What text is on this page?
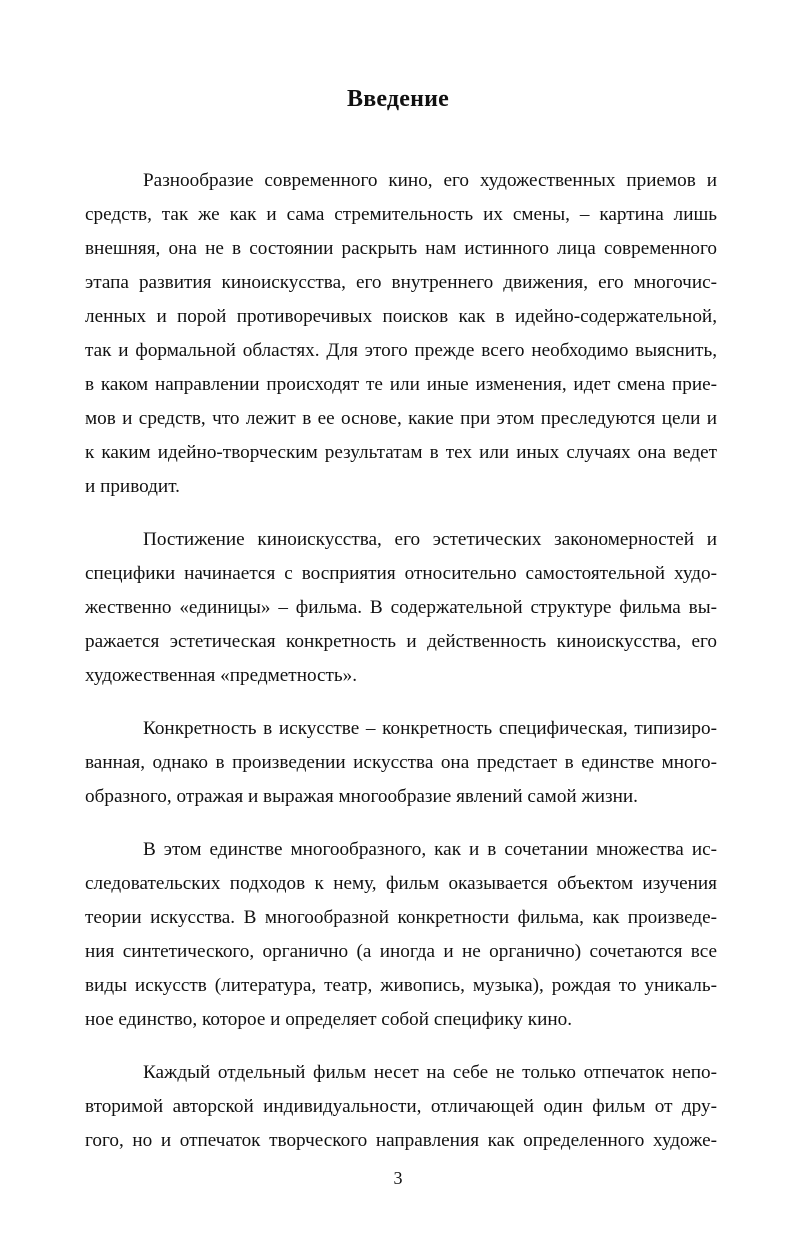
Введение

Разнообразие современного кино, его художественных приемов и
средств, так же как и сама стремительность их смены, – картина лишь
внешняя, она не в состоянии раскрыть нам истинного лица современного
этапа развития киноискусства, его внутреннего движения, его многочис-
ленных и порой противоречивых поисков как в идейно-содержательной,
так и формальной областях. Для этого прежде всего необходимо выяснить,
в каком направлении происходят те или иные изменения, идет смена прие-
мов и средств, что лежит в ее основе, какие при этом преследуются цели и
к каким идейно-творческим результатам в тех или иных случаях она ведет
и приводит.

Постижение киноискусства, его эстетических закономерностей и
специфики начинается с восприятия относительно самостоятельной худо-
жественно «единицы» – фильма. В содержательной структуре фильма вы-
ражается эстетическая конкретность и действенность киноискусства, его
художественная «предметность».

Конкретность в искусстве – конкретность специфическая, типизиро-
ванная, однако в произведении искусства она предстает в единстве много-
образного, отражая и выражая многообразие явлений самой жизни.

В этом единстве многообразного, как и в сочетании множества ис-
следовательских подходов к нему, фильм оказывается объектом изучения
теории искусства. В многообразной конкретности фильма, как произведе-
ния синтетического, органично (а иногда и не органично) сочетаются все
виды искусств (литература, театр, живопись, музыка), рождая то уникаль-
ное единство, которое и определяет собой специфику кино.

Каждый отдельный фильм несет на себе не только отпечаток непо-
вторимой авторской индивидуальности, отличающей один фильм от дру-
гого, но и отпечаток творческого направления как определенного художе-

3
